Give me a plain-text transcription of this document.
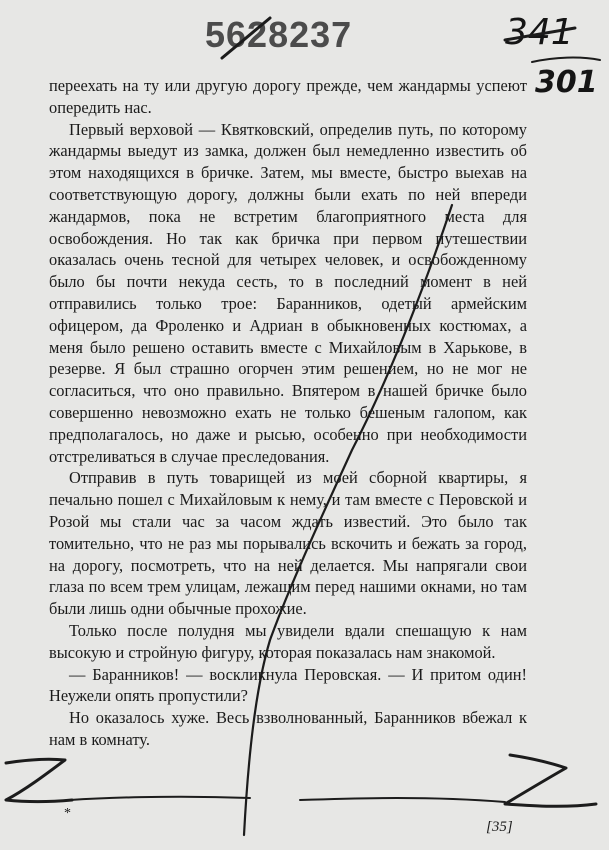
5628237	341
301

переехать на ту или другую дорогу прежде, чем жандармы успеют опередить нас.

Первый верховой — Квятковский, определив путь, по которому жандармы выедут из замка, должен был немедленно известить об этом находящихся в бричке. Затем, мы вместе, быстро выехав на соответствующую дорогу, должны были ехать по ней впереди жандармов, пока не встретим благоприятного места для освобождения. Но так как бричка при первом путешествии оказалась очень тесной для четырех человек, и освобожденному было бы почти некуда сесть, то в последний момент в ней отправились только трое: Баранников, одетый армейским офицером, да Фроленко и Адриан в обыкновенных костюмах, а меня было решено оставить вместе с Михайловым в Харькове, в резерве. Я был страшно огорчен этим решением, но не мог не согласиться, что оно правильно. Впятером в нашей бричке было совершенно невозможно ехать не только бешеным галопом, как предполагалось, но даже и рысью, особенно при необходимости отстреливаться в случае преследования.

Отправив в путь товарищей из моей сборной квартиры, я печально пошел с Михайловым к нему, и там вместе с Перовской и Розой мы стали час за часом ждать известий. Это было так томительно, что не раз мы порывались вскочить и бежать за город, на дорогу, посмотреть, что на ней делается. Мы напрягали свои глаза по всем трем улицам, лежащим перед нашими окнами, но там были лишь одни обычные прохожие.

Только после полудня мы увидели вдали спешащую к нам высокую и стройную фигуру, которая показалась нам знакомой.

— Баранников! — воскликнула Перовская. — И притом один! Неужели опять пропустили?

Но оказалось хуже. Весь взволнованный, Баранников вбежал к нам в комнату.

*
[35]
